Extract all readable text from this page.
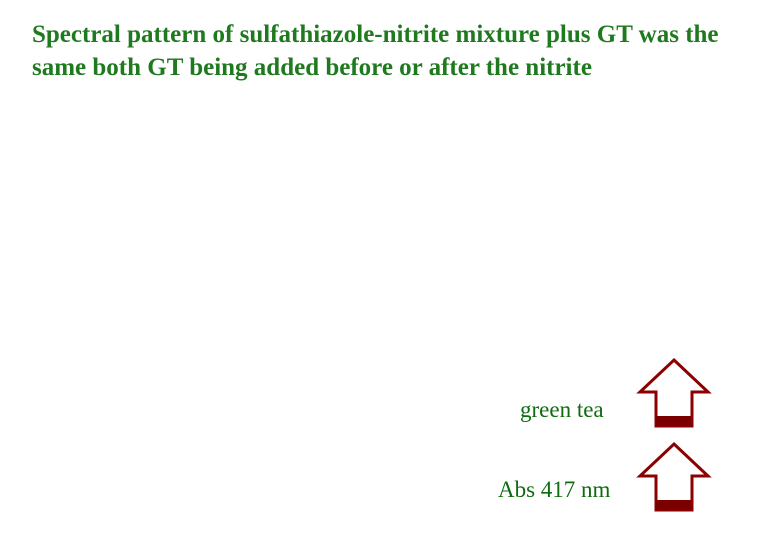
Spectral pattern of sulfathiazole-nitrite mixture plus GT was the same both GT being added before or after the nitrite
green tea
Abs 417 nm
